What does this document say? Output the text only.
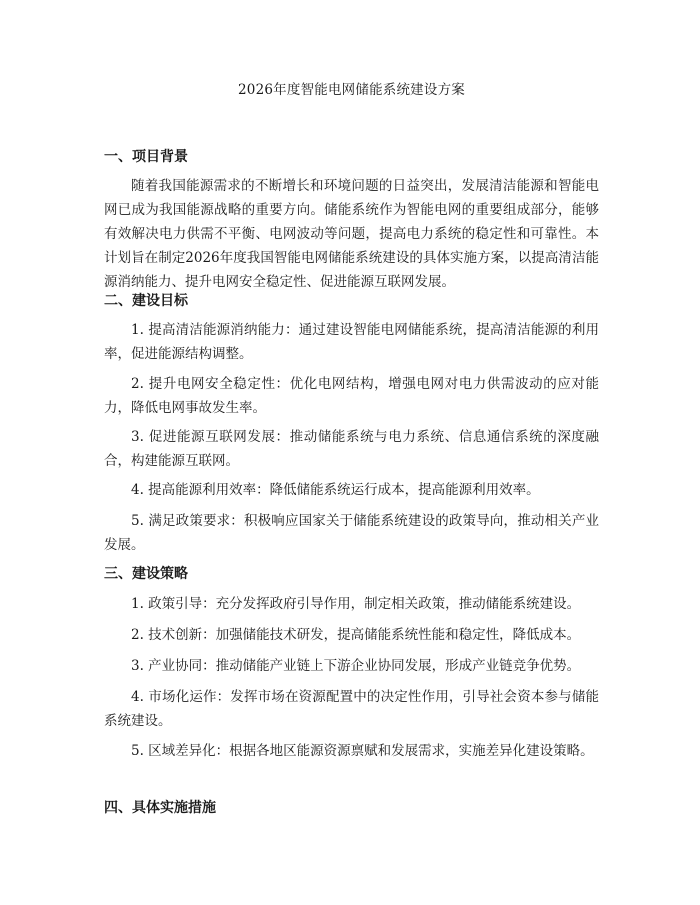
2026年度智能电网储能系统建设方案
一、项目背景
随着我国能源需求的不断增长和环境问题的日益突出，发展清洁能源和智能电网已成为我国能源战略的重要方向。储能系统作为智能电网的重要组成部分，能够有效解决电力供需不平衡、电网波动等问题，提高电力系统的稳定性和可靠性。本计划旨在制定2026年度我国智能电网储能系统建设的具体实施方案，以提高清洁能源消纳能力、提升电网安全稳定性、促进能源互联网发展。
二、建设目标
1. 提高清洁能源消纳能力：通过建设智能电网储能系统，提高清洁能源的利用率，促进能源结构调整。
2. 提升电网安全稳定性：优化电网结构，增强电网对电力供需波动的应对能力，降低电网事故发生率。
3. 促进能源互联网发展：推动储能系统与电力系统、信息通信系统的深度融合，构建能源互联网。
4. 提高能源利用效率：降低储能系统运行成本，提高能源利用效率。
5. 满足政策要求：积极响应国家关于储能系统建设的政策导向，推动相关产业发展。
三、建设策略
1. 政策引导：充分发挥政府引导作用，制定相关政策，推动储能系统建设。
2. 技术创新：加强储能技术研发，提高储能系统性能和稳定性，降低成本。
3. 产业协同：推动储能产业链上下游企业协同发展，形成产业链竞争优势。
4. 市场化运作：发挥市场在资源配置中的决定性作用，引导社会资本参与储能系统建设。
5. 区域差异化：根据各地区能源资源禀赋和发展需求，实施差异化建设策略。
四、具体实施措施
